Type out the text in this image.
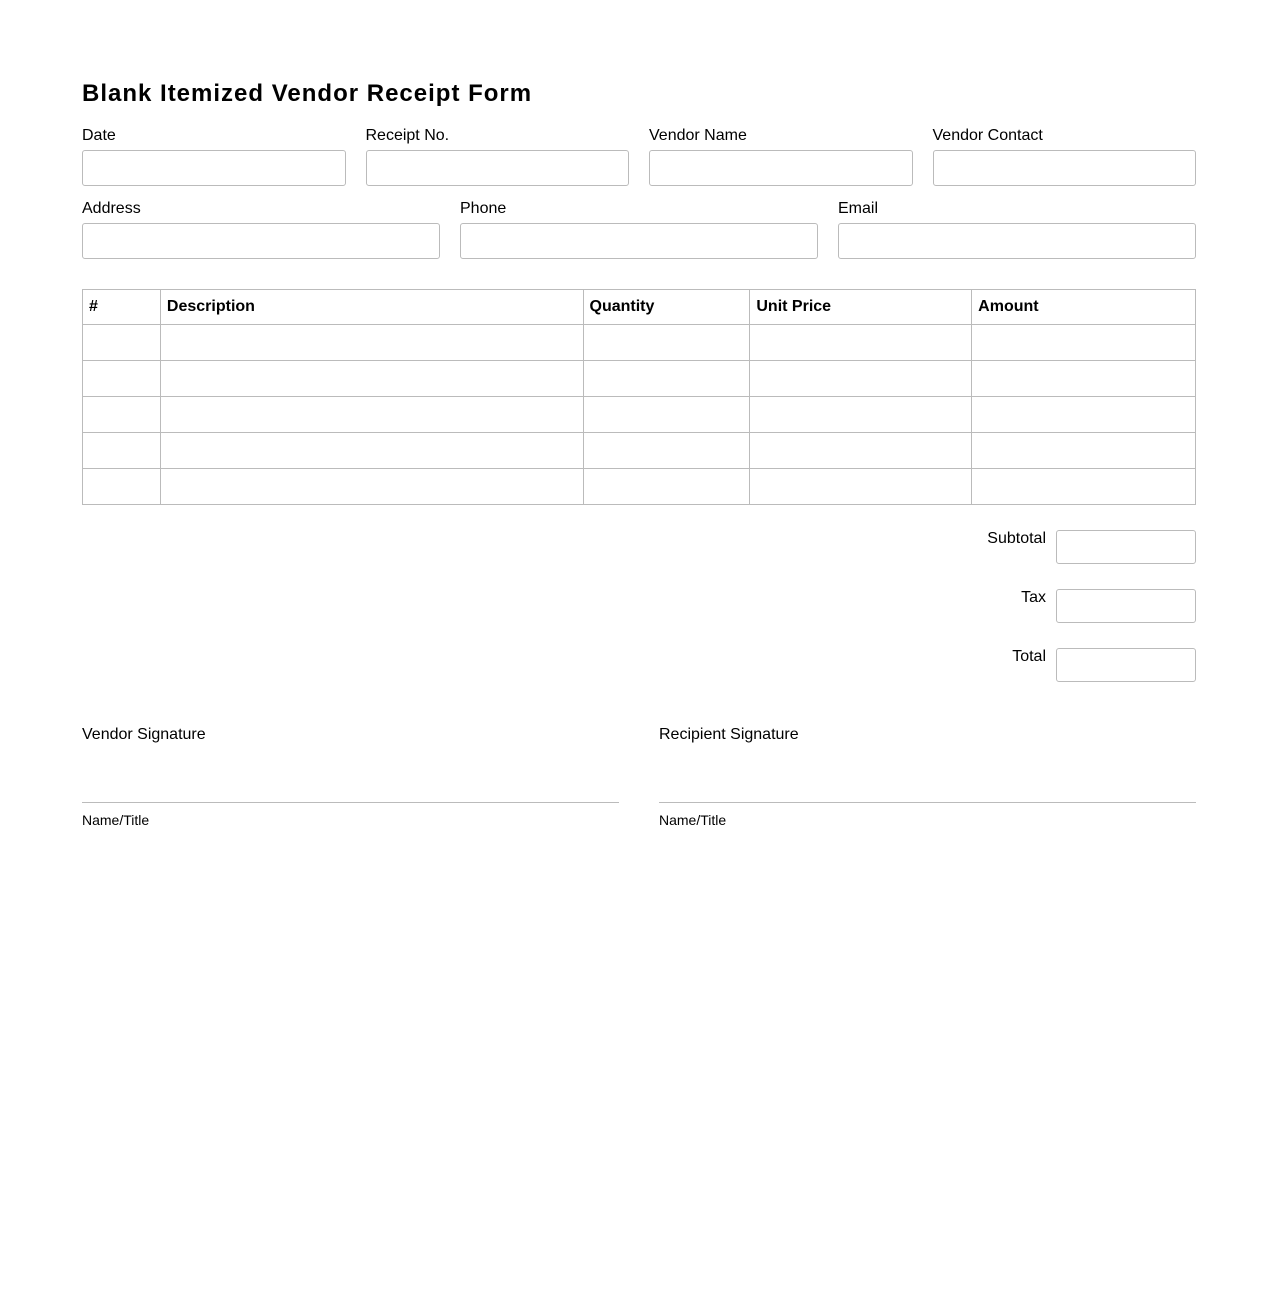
Blank Itemized Vendor Receipt Form
Date	Receipt No.	Vendor Name	Vendor Contact
Address	Phone	Email
#	Description	Quantity	Unit Price	Amount

Subtotal
Tax
Total
Vendor Signature
Name/Title
Recipient Signature
Name/Title
